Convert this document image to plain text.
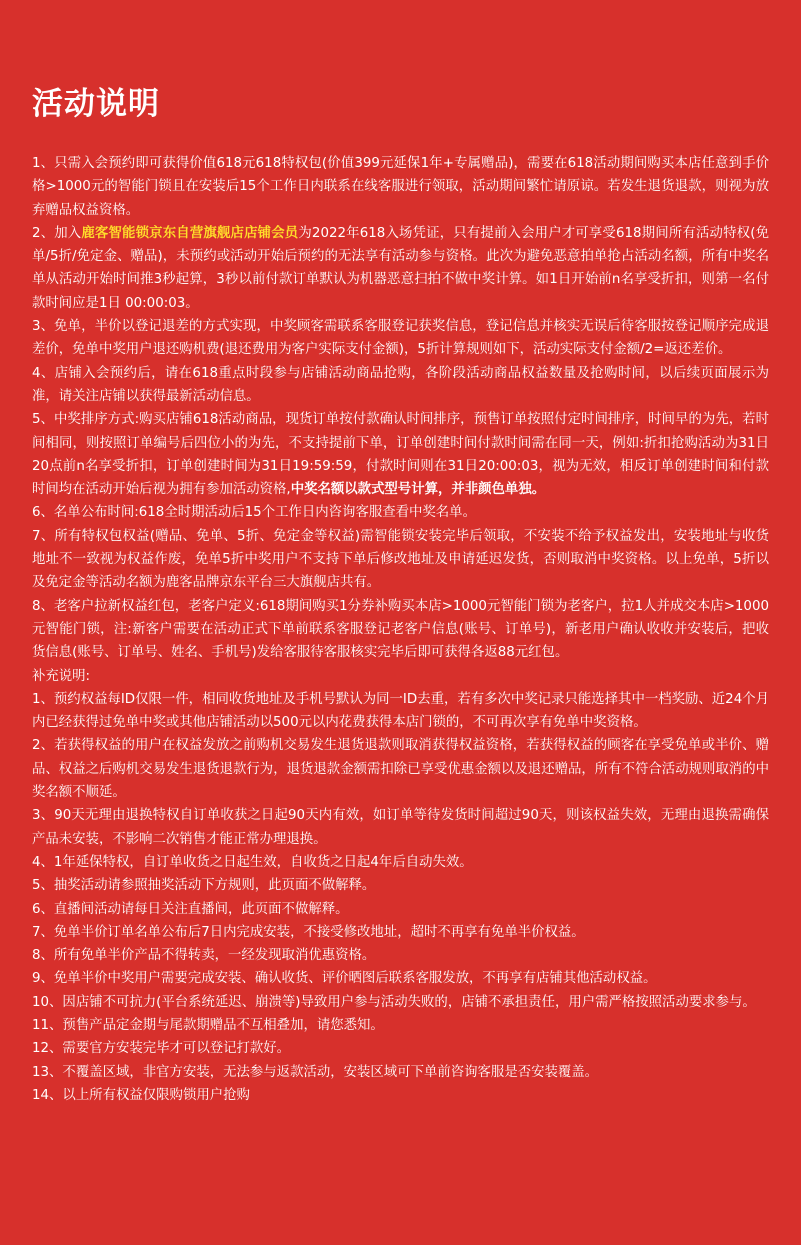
活动说明

1、只需入会预约即可获得价值618元618特权包(价值399元延保1年+专属赠品)，需要在618活动期间购买本店任意到手价格>1000元的智能门锁且在安装后15个工作日内联系在线客服进行领取，活动期间繁忙请原谅。若发生退货退款，则视为放弃赠品权益资格。

2、加入鹿客智能锁京东自营旗舰店店铺会员为2022年618入场凭证，只有提前入会用户才可享受618期间所有活动特权(免单/5折/免定金、赠品)，未预约或活动开始后预约的无法享有活动参与资格。此次为避免恶意拍单抢占活动名额，所有中奖名单从活动开始时间推3秒起算，3秒以前付款订单默认为机器恶意扫拍不做中奖计算。如1日开始前n名享受折扣，则第一名付款时间应是1日 00:00:03。

3、免单，半价以登记退差的方式实现，中奖顾客需联系客服登记获奖信息，登记信息并核实无误后待客服按登记顺序完成退差价，免单中奖用户退还购机费(退还费用为客户实际支付金额)，5折计算规则如下，活动实际支付金额/2=返还差价。

4、店铺入会预约后，请在618重点时段参与店铺活动商品抢购，各阶段活动商品权益数量及抢购时间，以后续页面展示为准，请关注店铺以获得最新活动信息。

5、中奖排序方式:购买店铺618活动商品，现货订单按付款确认时间排序，预售订单按照付定时间排序，时间早的为先，若时间相同，则按照订单编号后四位小的为先，不支持提前下单，订单创建时间付款时间需在同一天，例如:折扣抢购活动为31日20点前n名享受折扣，订单创建时间为31日19:59:59，付款时间则在31日20:00:03，视为无效，相反订单创建时间和付款时间均在活动开始后视为拥有参加活动资格,中奖名额以款式型号计算，并非颜色单独。

6、名单公布时间:618全时期活动后15个工作日内咨询客服查看中奖名单。

7、所有特权包权益(赠品、免单、5折、免定金等权益)需智能锁安装完毕后领取，不安装不给予权益发出，安装地址与收货地址不一致视为权益作废，免单5折中奖用户不支持下单后修改地址及申请延迟发货，否则取消中奖资格。以上免单，5折以及免定金等活动名额为鹿客品牌京东平台三大旗舰店共有。

8、老客户拉新权益红包，老客户定义:618期间购买1分券补购买本店>1000元智能门锁为老客户，拉1人并成交本店>1000元智能门锁，注:新客户需要在活动正式下单前联系客服登记老客户信息(账号、订单号)，新老用户确认收收并安装后，把收货信息(账号、订单号、姓名、手机号)发给客服待客服核实完毕后即可获得各返88元红包。

补充说明:

1、预约权益每ID仅限一件，相同收货地址及手机号默认为同一ID去重，若有多次中奖记录只能选择其中一档奖励、近24个月内已经获得过免单中奖或其他店铺活动以500元以内花费获得本店门锁的，不可再次享有免单中奖资格。

2、若获得权益的用户在权益发放之前购机交易发生退货退款则取消获得权益资格，若获得权益的顾客在享受免单或半价、赠品、权益之后购机交易发生退货退款行为，退货退款金额需扣除已享受优惠金额以及退还赠品，所有不符合活动规则取消的中奖名额不顺延。

3、90天无理由退换特权自订单收获之日起90天内有效，如订单等待发货时间超过90天，则该权益失效，无理由退换需确保产品未安装，不影响二次销售才能正常办理退换。

4、1年延保特权，自订单收货之日起生效，自收货之日起4年后自动失效。

5、抽奖活动请参照抽奖活动下方规则，此页面不做解释。

6、直播间活动请每日关注直播间，此页面不做解释。

7、免单半价订单名单公布后7日内完成安装，不接受修改地址，超时不再享有免单半价权益。

8、所有免单半价产品不得转卖，一经发现取消优惠资格。

9、免单半价中奖用户需要完成安装、确认收货、评价晒图后联系客服发放，不再享有店铺其他活动权益。

10、因店铺不可抗力(平台系统延迟、崩溃等)导致用户参与活动失败的，店铺不承担责任，用户需严格按照活动要求参与。

11、预售产品定金期与尾款期赠品不互相叠加，请您悉知。

12、需要官方安装完毕才可以登记打款好。

13、不覆盖区域，非官方安装，无法参与返款活动，安装区域可下单前咨询客服是否安装覆盖。

14、以上所有权益仅限购锁用户抢购
